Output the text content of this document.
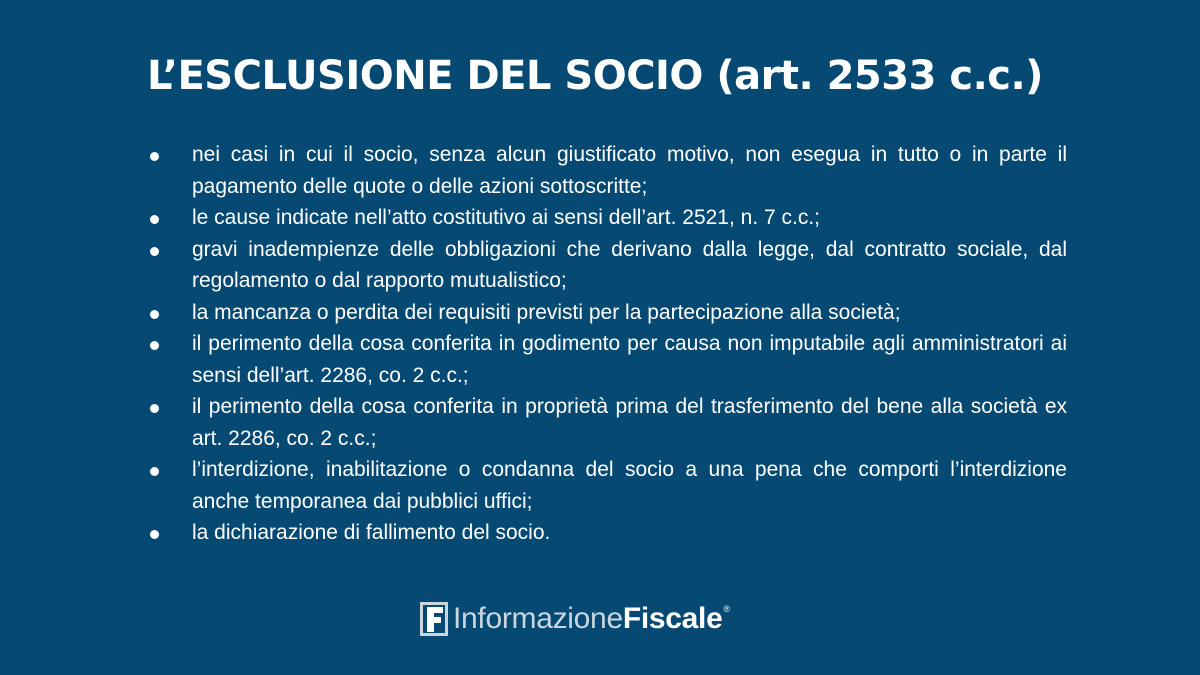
L’ESCLUSIONE DEL SOCIO (art. 2533 c.c.)
nei casi in cui il socio, senza alcun giustificato motivo, non esegua in tutto o in parte il pagamento delle quote o delle azioni sottoscritte;
le cause indicate nell’atto costitutivo ai sensi dell’art. 2521, n. 7 c.c.;
gravi inadempienze delle obbligazioni che derivano dalla legge, dal contratto sociale, dal regolamento o dal rapporto mutualistico;
la mancanza o perdita dei requisiti previsti per la partecipazione alla società;
il perimento della cosa conferita in godimento per causa non imputabile agli amministratori ai sensi dell’art. 2286, co. 2 c.c.;
il perimento della cosa conferita in proprietà prima del trasferimento del bene alla società ex art. 2286, co. 2 c.c.;
l’interdizione, inabilitazione o condanna del socio a una pena che comporti l’interdizione anche temporanea dai pubblici uffici;
la dichiarazione di fallimento del socio.
Informazione Fiscale ®
